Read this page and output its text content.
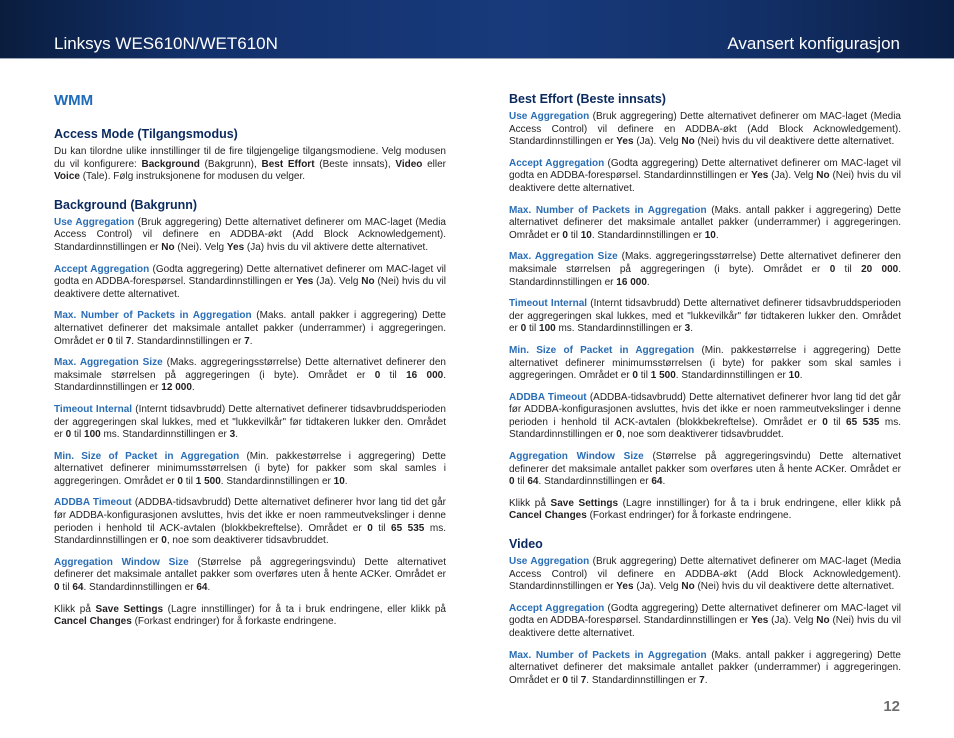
Linksys WES610N/WET610N	Avansert konfigurasjon
WMM
Access Mode (Tilgangsmodus)

Du kan tilordne ulike innstillinger til de fire tilgjengelige tilgangsmodiene. Velg modusen du vil konfigurere: Background (Bakgrunn), Best Effort (Beste innsats), Video eller Voice (Tale). Følg instruksjonene for modusen du velger.

Background (Bakgrunn)

Use Aggregation (Bruk aggregering) Dette alternativet definerer om MAC-laget (Media Access Control) vil definere en ADDBA-økt (Add Block Acknowledgement). Standardinnstillingen er No (Nei). Velg Yes (Ja) hvis du vil aktivere dette alternativet.

Accept Aggregation (Godta aggregering) Dette alternativet definerer om MAC-laget vil godta en ADDBA-forespørsel. Standardinnstillingen er Yes (Ja). Velg No (Nei) hvis du vil deaktivere dette alternativet.

Max. Number of Packets in Aggregation (Maks. antall pakker i aggregering) Dette alternativet definerer det maksimale antallet pakker (underrammer) i aggregeringen. Området er 0 til 7. Standardinnstillingen er 7.

Max. Aggregation Size (Maks. aggregeringsstørrelse) Dette alternativet definerer den maksimale størrelsen på aggregeringen (i byte). Området er 0 til 16 000. Standardinnstillingen er 12 000.

Timeout Internal (Internt tidsavbrudd) Dette alternativet definerer tidsavbruddsperioden der aggregeringen skal lukkes, med et "lukkevilkår" før tidtakeren lukker den. Området er 0 til 100 ms. Standardinnstillingen er 3.

Min. Size of Packet in Aggregation (Min. pakkestørrelse i aggregering) Dette alternativet definerer minimumsstørrelsen (i byte) for pakker som skal samles i aggregeringen. Området er 0 til 1 500. Standardinnstillingen er 10.

ADDBA Timeout (ADDBA-tidsavbrudd) Dette alternativet definerer hvor lang tid det går før ADDBA-konfigurasjonen avsluttes, hvis det ikke er noen rammeutvekslinger i denne perioden i henhold til ACK-avtalen (blokkbekreftelse). Området er 0 til 65 535 ms. Standardinnstillingen er 0, noe som deaktiverer tidsavbruddet.

Aggregation Window Size (Størrelse på aggregeringsvindu) Dette alternativet definerer det maksimale antallet pakker som overføres uten å hente ACKer. Området er 0 til 64. Standardinnstillingen er 64.

Klikk på Save Settings (Lagre innstillinger) for å ta i bruk endringene, eller klikk på Cancel Changes (Forkast endringer) for å forkaste endringene.

Best Effort (Beste innsats)

Use Aggregation (Bruk aggregering) Dette alternativet definerer om MAC-laget (Media Access Control) vil definere en ADDBA-økt (Add Block Acknowledgement). Standardinnstillingen er Yes (Ja). Velg No (Nei) hvis du vil deaktivere dette alternativet.

Accept Aggregation (Godta aggregering) Dette alternativet definerer om MAC-laget vil godta en ADDBA-forespørsel. Standardinnstillingen er Yes (Ja). Velg No (Nei) hvis du vil deaktivere dette alternativet.

Max. Number of Packets in Aggregation (Maks. antall pakker i aggregering) Dette alternativet definerer det maksimale antallet pakker (underrammer) i aggregeringen. Området er 0 til 10. Standardinnstillingen er 10.

Max. Aggregation Size (Maks. aggregeringsstørrelse) Dette alternativet definerer den maksimale størrelsen på aggregeringen (i byte). Området er 0 til 20 000. Standardinnstillingen er 16 000.

Timeout Internal (Internt tidsavbrudd) Dette alternativet definerer tidsavbruddsperioden der aggregeringen skal lukkes, med et "lukkevilkår" før tidtakeren lukker den. Området er 0 til 100 ms. Standardinnstillingen er 3.

Min. Size of Packet in Aggregation (Min. pakkestørrelse i aggregering) Dette alternativet definerer minimumsstørrelsen (i byte) for pakker som skal samles i aggregeringen. Området er 0 til 1 500. Standardinnstillingen er 10.

ADDBA Timeout (ADDBA-tidsavbrudd) Dette alternativet definerer hvor lang tid det går før ADDBA-konfigurasjonen avsluttes, hvis det ikke er noen rammeutvekslinger i denne perioden i henhold til ACK-avtalen (blokkbekreftelse). Området er 0 til 65 535 ms. Standardinnstillingen er 0, noe som deaktiverer tidsavbruddet.

Aggregation Window Size (Størrelse på aggregeringsvindu) Dette alternativet definerer det maksimale antallet pakker som overføres uten å hente ACKer. Området er 0 til 64. Standardinnstillingen er 64.

Klikk på Save Settings (Lagre innstillinger) for å ta i bruk endringene, eller klikk på Cancel Changes (Forkast endringer) for å forkaste endringene.

Video

Use Aggregation (Bruk aggregering) Dette alternativet definerer om MAC-laget (Media Access Control) vil definere en ADDBA-økt (Add Block Acknowledgement). Standardinnstillingen er Yes (Ja). Velg No (Nei) hvis du vil deaktivere dette alternativet.

Accept Aggregation (Godta aggregering) Dette alternativet definerer om MAC-laget vil godta en ADDBA-forespørsel. Standardinnstillingen er Yes (Ja). Velg No (Nei) hvis du vil deaktivere dette alternativet.

Max. Number of Packets in Aggregation (Maks. antall pakker i aggregering) Dette alternativet definerer det maksimale antallet pakker (underrammer) i aggregeringen. Området er 0 til 7. Standardinnstillingen er 7.

12
